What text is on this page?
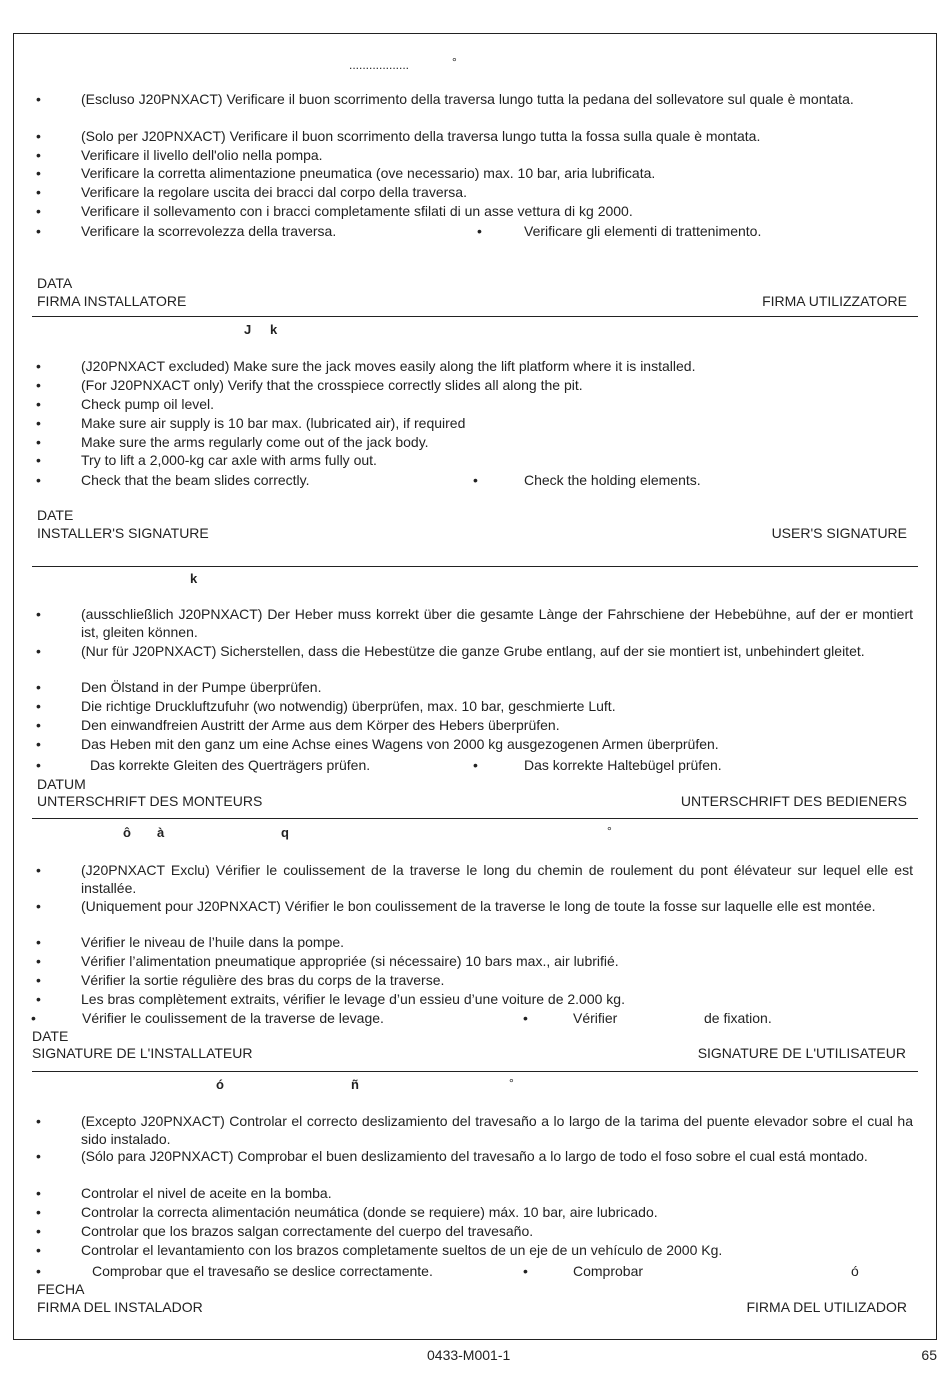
..................	°
•	(Escluso J20PNXACT) Verificare il buon scorrimento della traversa lungo tutta la pedana del sollevatore sul quale è montata.
•	(Solo per J20PNXACT) Verificare il buon scorrimento della traversa lungo tutta la fossa sulla quale è montata.
•	Verificare il livello dell'olio nella pompa.
•	Verificare la corretta alimentazione pneumatica (ove necessario) max. 10 bar, aria lubrificata.
•	Verificare la regolare uscita dei bracci dal corpo della traversa.
•	Verificare il sollevamento con i bracci completamente sfilati di un asse vettura di kg 2000.
•	Verificare la scorrevolezza della traversa.	•	Verificare gli elementi di trattenimento.
DATA
FIRMA INSTALLATORE	FIRMA UTILIZZATORE
J k
•	(J20PNXACT excluded) Make sure the jack moves easily along the lift platform where it is installed.
•	(For J20PNXACT only) Verify that the crosspiece correctly slides all along the pit.
•	Check pump oil level.
•	Make sure air supply is 10 bar max. (lubricated air), if required
•	Make sure the arms regularly come out of the jack body.
•	Try to lift a 2,000-kg car axle with arms fully out.
•	Check that the beam slides correctly.	•	Check the holding elements.
DATE
INSTALLER'S SIGNATURE	USER'S SIGNATURE
k
•	(ausschließlich J20PNXACT) Der Heber muss korrekt über die gesamte Lànge der Fahrschiene der Hebebühne, auf der er montiert ist, gleiten können.
•	(Nur für J20PNXACT) Sicherstellen, dass die Hebestütze die ganze Grube entlang, auf der sie montiert ist, unbehindert gleitet.
•	Den Ölstand in der Pumpe überprüfen.
•	Die richtige Druckluftzufuhr (wo notwendig) überprüfen, max. 10 bar, geschmierte Luft.
•	Den einwandfreien Austritt der Arme aus dem Körper des Hebers überprüfen.
•	Das Heben mit den ganz um eine Achse eines Wagens von 2000 kg ausgezogenen Armen überprüfen.
•	Das korrekte Gleiten des Querträgers prüfen.	•	Das korrekte Haltebügel prüfen.
DATUM
UNTERSCHRIFT DES MONTEURS	UNTERSCHRIFT DES BEDIENERS
ô à	q	°
•	(J20PNXACT Exclu) Vérifier le coulissement de la traverse le long du chemin de roulement du pont élévateur sur lequel elle est installée.
•	(Uniquement pour J20PNXACT) Vérifier le bon coulissement de la traverse le long de toute la fosse sur laquelle elle est montée.
•	Vérifier le niveau de l’huile dans la pompe.
•	Vérifier l’alimentation pneumatique appropriée (si nécessaire) 10 bars max., air lubrifié.
•	Vérifier la sortie régulière des bras du corps de la traverse.
•	Les bras complètement extraits, vérifier le levage d’un essieu d’une voiture de 2.000 kg.
•	Vérifier le coulissement de la traverse de levage.	•	Vérifier	de fixation.
DATE
SIGNATURE DE L'INSTALLATEUR	SIGNATURE DE L'UTILISATEUR
ó	ñ	°
•	(Excepto J20PNXACT) Controlar el correcto deslizamiento del travesaño a lo largo de la tarima del puente elevador sobre el cual ha sido instalado.
•	(Sólo para J20PNXACT) Comprobar el buen deslizamiento del travesaño a lo largo de todo el foso sobre el cual está montado.
•	Controlar el nivel de aceite en la bomba.
•	Controlar la correcta alimentación neumática (donde se requiere) máx. 10 bar, aire lubricado.
•	Controlar que los brazos salgan correctamente del cuerpo del travesaño.
•	Controlar el levantamiento con los brazos completamente sueltos de un eje de un vehículo de 2000 Kg.
•	Comprobar que el travesaño se deslice correctamente.	•	Comprobar	ó
FECHA
FIRMA DEL INSTALADOR	FIRMA DEL UTILIZADOR
0433-M001-1	65
